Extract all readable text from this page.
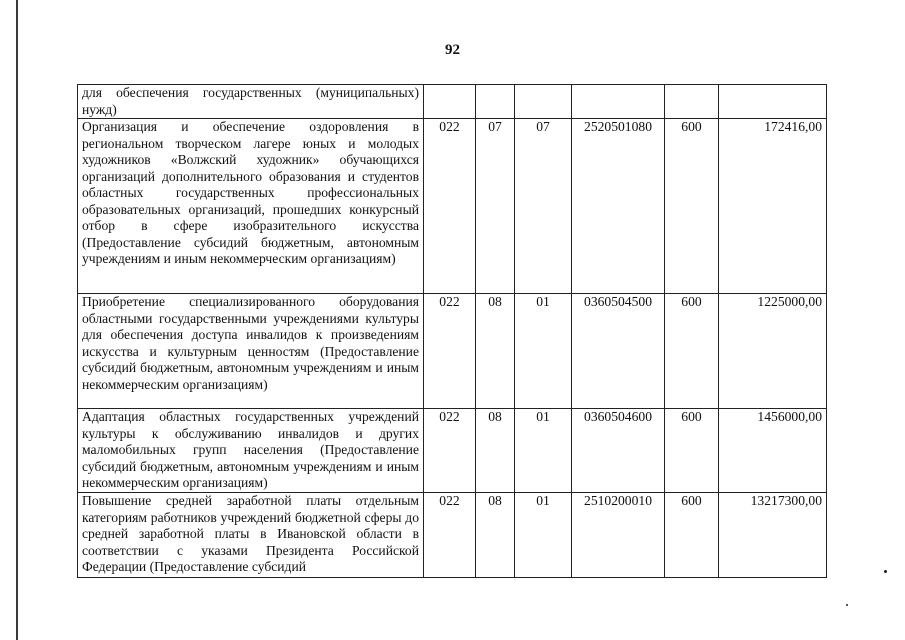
92
для обеспечения государственных (муниципальных) нужд)						
Организация и обеспечение оздоровления в региональном творческом лагере юных и молодых художников «Волжский художник» обучающихся организаций дополнительного образования и студентов областных государственных профессиональных образовательных организаций, прошедших конкурсный отбор в сфере изобразительного искусства (Предоставление субсидий бюджетным, автономным учреждениям и иным некоммерческим организациям)	022	07	07	2520501080	600	172416,00
Приобретение специализированного оборудования областными государственными учреждениями культуры для обеспечения доступа инвалидов к произведениям искусства и культурным ценностям (Предоставление субсидий бюджетным, автономным учреждениям и иным некоммерческим организациям)	022	08	01	0360504500	600	1225000,00
Адаптация областных государственных учреждений культуры к обслуживанию инвалидов и других маломобильных групп населения (Предоставление субсидий бюджетным, автономным учреждениям и иным некоммерческим организациям)	022	08	01	0360504600	600	1456000,00
Повышение средней заработной платы отдельным категориям работников учреждений бюджетной сферы до средней заработной платы в Ивановской области в соответствии с указами Президента Российской Федерации (Предоставление субсидий	022	08	01	2510200010	600	13217300,00
